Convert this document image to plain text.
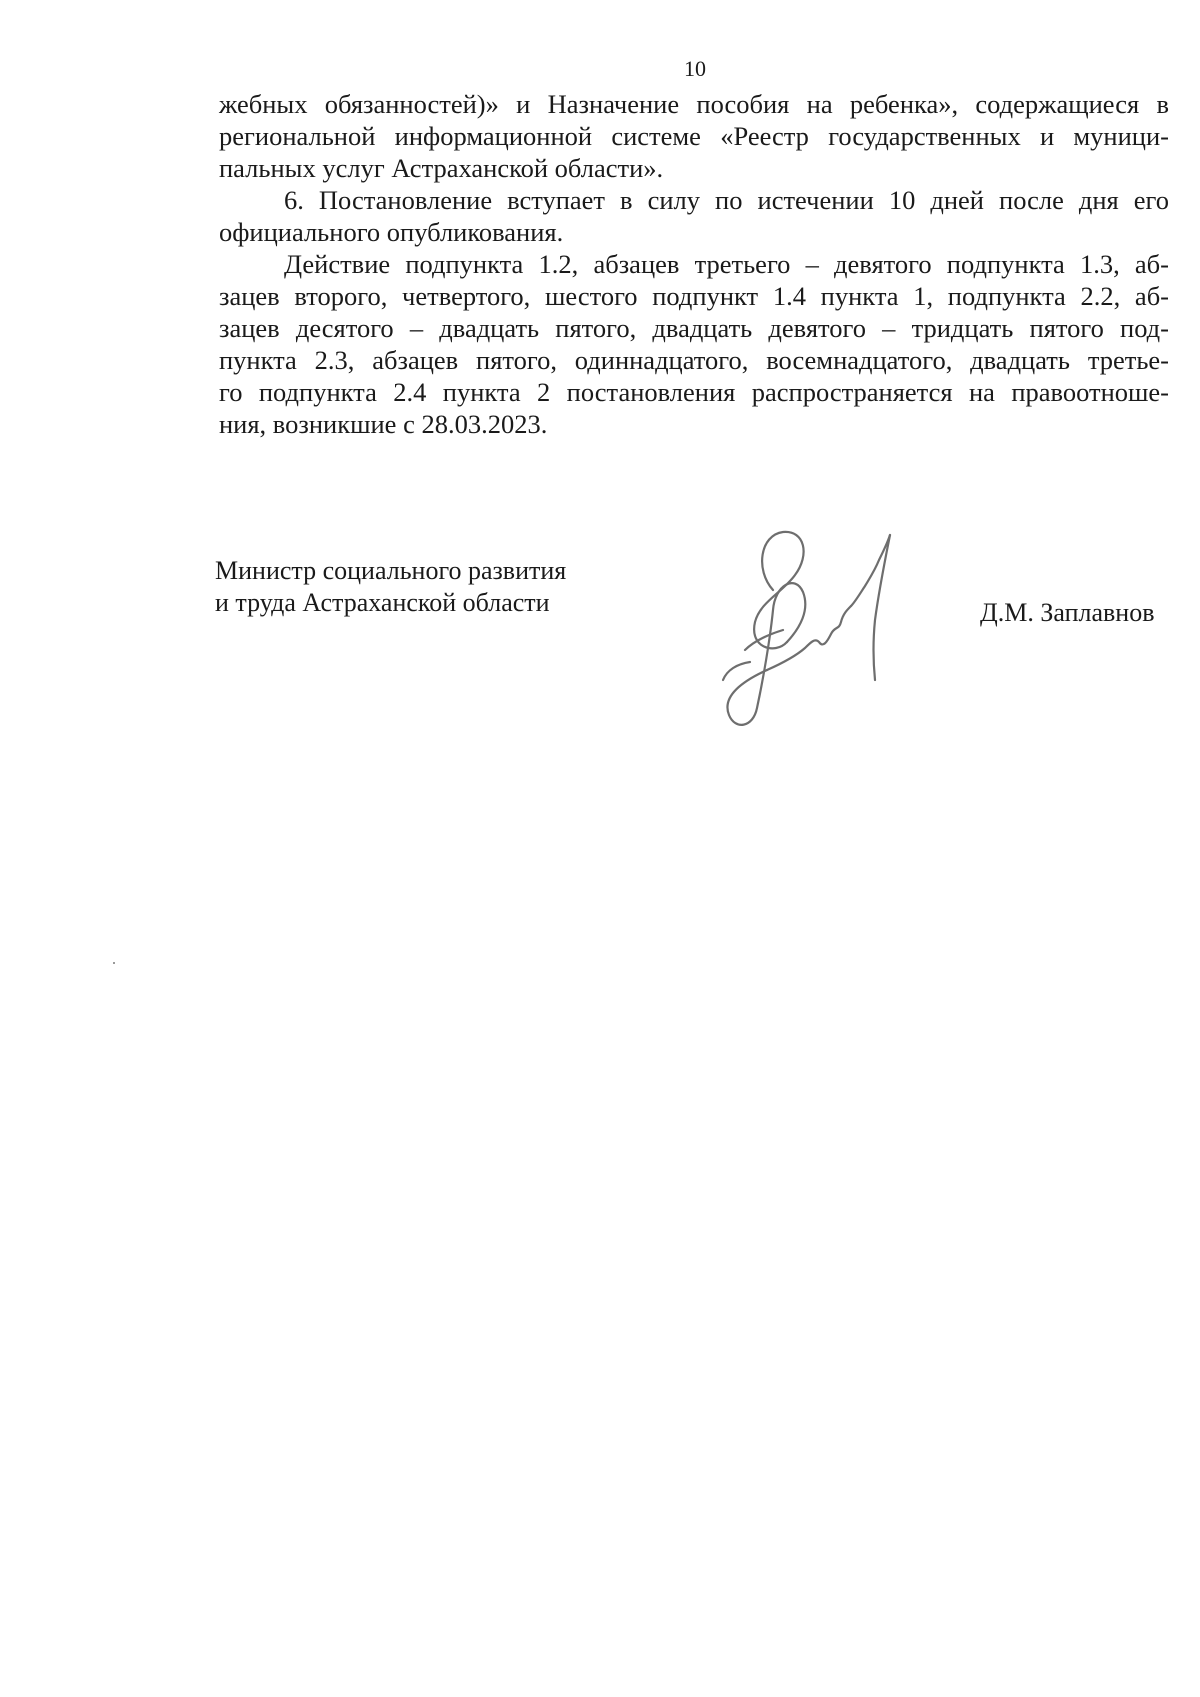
10
жебных обязанностей)» и Назначение пособия на ребенка», содержащиеся в
региональной информационной системе «Реестр государственных и муници-
пальных услуг Астраханской области».
6. Постановление вступает в силу по истечении 10 дней после дня его
официального опубликования.
Действие подпункта 1.2, абзацев третьего – девятого подпункта 1.3, аб-
зацев второго, четвертого, шестого подпункт 1.4 пункта 1, подпункта 2.2, аб-
зацев десятого – двадцать пятого, двадцать девятого – тридцать пятого под-
пункта 2.3, абзацев пятого, одиннадцатого, восемнадцатого, двадцать третье-
го подпункта 2.4 пункта 2 постановления распространяется на правоотноше-
ния, возникшие с 28.03.2023.
Министр социального развития
и труда Астраханской области	Д.М. Заплавнов
